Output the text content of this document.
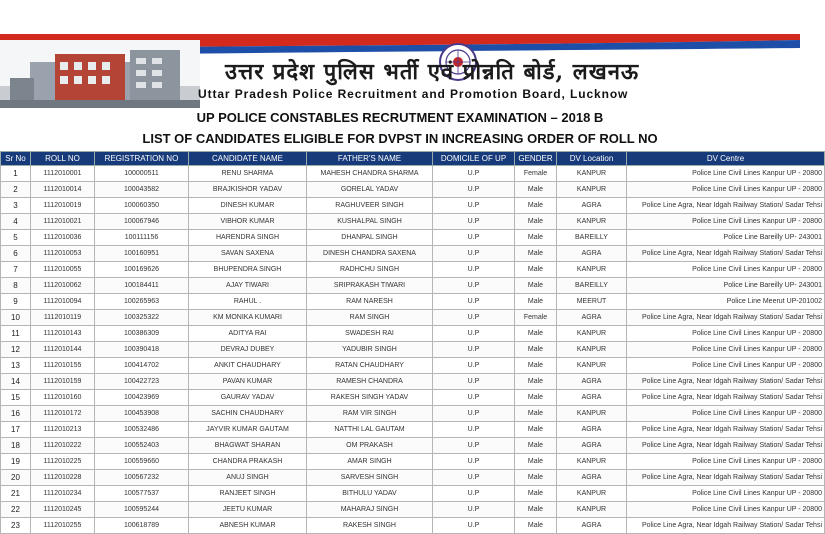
उत्तर प्रदेश पुलिस भर्ती एवं प्रोन्नति बोर्ड, लखनऊ
Uttar Pradesh Police Recruitment and Promotion Board, Lucknow
UP POLICE CONSTABLES RECRUTMENT EXAMINATION – 2018 B
LIST OF CANDIDATES ELIGIBLE FOR DVPST IN INCREASING ORDER OF ROLL NO
Sr No	ROLL NO	REGISTRATION NO	CANDIDATE NAME	FATHER'S NAME	DOMICILE OF UP	GENDER	DV Location	DV Centre
1	1112010001	100000511	RENU SHARMA	MAHESH CHANDRA SHARMA	U.P	Female	KANPUR	Police Line Civil Lines Kanpur UP - 20800
2	1112010014	100043582	BRAJKISHOR YADAV	GORELAL YADAV	U.P	Male	KANPUR	Police Line Civil Lines Kanpur UP - 20800
3	1112010019	100060350	DINESH KUMAR	RAGHUVEER SINGH	U.P	Male	AGRA	Police Line Agra, Near Idgah Railway Station/ Sadar Tehsi
4	1112010021	100067946	VIBHOR KUMAR	KUSHALPAL SINGH	U.P	Male	KANPUR	Police Line Civil Lines Kanpur UP - 20800
5	1112010036	100111156	HARENDRA SINGH	DHANPAL SINGH	U.P	Male	BAREILLY	Police Line Bareilly UP- 243001
6	1112010053	100160951	SAVAN SAXENA	DINESH CHANDRA SAXENA	U.P	Male	AGRA	Police Line Agra, Near Idgah Railway Station/ Sadar Tehsi
7	1112010055	100169626	BHUPENDRA SINGH	RADHCHU SINGH	U.P	Male	KANPUR	Police Line Civil Lines Kanpur UP - 20800
8	1112010062	100184411	AJAY TIWARI	SRIPRAKASH TIWARI	U.P	Male	BAREILLY	Police Line Bareilly UP- 243001
9	1112010094	100265963	RAHUL .	RAM NARESH	U.P	Male	MEERUT	Police Line Meerut UP-201002
10	1112010119	100325322	KM MONIKA KUMARI	RAM SINGH	U.P	Female	AGRA	Police Line Agra, Near Idgah Railway Station/ Sadar Tehsi
11	1112010143	100386309	ADITYA RAI	SWADESH RAI	U.P	Male	KANPUR	Police Line Civil Lines Kanpur UP - 20800
12	1112010144	100390418	DEVRAJ DUBEY	YADUBIR SINGH	U.P	Male	KANPUR	Police Line Civil Lines Kanpur UP - 20800
13	1112010155	100414702	ANKIT CHAUDHARY	RATAN CHAUDHARY	U.P	Male	KANPUR	Police Line Civil Lines Kanpur UP - 20800
14	1112010159	100422723	PAVAN KUMAR	RAMESH CHANDRA	U.P	Male	AGRA	Police Line Agra, Near Idgah Railway Station/ Sadar Tehsi
15	1112010160	100423969	GAURAV YADAV	RAKESH SINGH YADAV	U.P	Male	AGRA	Police Line Agra, Near Idgah Railway Station/ Sadar Tehsi
16	1112010172	100453908	SACHIN CHAUDHARY	RAM VIR SINGH	U.P	Male	KANPUR	Police Line Civil Lines Kanpur UP - 20800
17	1112010213	100532486	JAYVIR KUMAR GAUTAM	NATTHI LAL GAUTAM	U.P	Male	AGRA	Police Line Agra, Near Idgah Railway Station/ Sadar Tehsi
18	1112010222	100552403	BHAGWAT SHARAN	OM PRAKASH	U.P	Male	AGRA	Police Line Agra, Near Idgah Railway Station/ Sadar Tehsi
19	1112010225	100559660	CHANDRA PRAKASH	AMAR SINGH	U.P	Male	KANPUR	Police Line Civil Lines Kanpur UP - 20800
20	1112010228	100567232	ANUJ SINGH	SARVESH SINGH	U.P	Male	AGRA	Police Line Agra, Near Idgah Railway Station/ Sadar Tehsi
21	1112010234	100577537	RANJEET SINGH	BITHULU YADAV	U.P	Male	KANPUR	Police Line Civil Lines Kanpur UP - 20800
22	1112010245	100595244	JEETU KUMAR	MAHARAJ SINGH	U.P	Male	KANPUR	Police Line Civil Lines Kanpur UP - 20800
23	1112010255	100618789	ABNESH KUMAR	RAKESH SINGH	U.P	Male	AGRA	Police Line Agra, Near Idgah Railway Station/ Sadar Tehsi
